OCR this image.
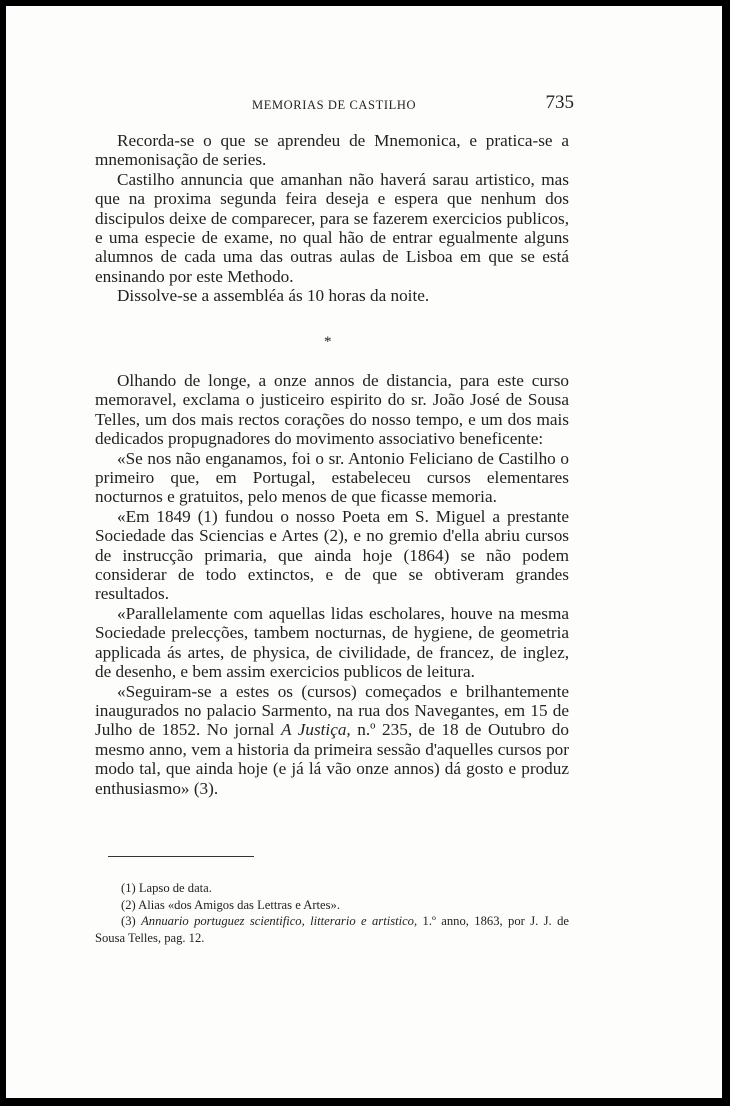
MEMORIAS DE CASTILHO	735

Recorda-se o que se aprendeu de Mnemonica, e pratica-se a mnemonisação de series.

Castilho annuncia que amanhan não haverá sarau artistico, mas que na proxima segunda feira deseja e espera que nenhum dos discipulos deixe de comparecer, para se fazerem exercicios publicos, e uma especie de exame, no qual hão de entrar egualmente alguns alumnos de cada uma das outras aulas de Lisboa em que se está ensinando por este Methodo.

Dissolve-se a assembléa ás 10 horas da noite.

*

Olhando de longe, a onze annos de distancia, para este curso memoravel, exclama o justiceiro espirito do sr. João José de Sousa Telles, um dos mais rectos corações do nosso tempo, e um dos mais dedicados propugnadores do movimento associativo beneficente:

«Se nos não enganamos, foi o sr. Antonio Feliciano de Castilho o primeiro que, em Portugal, estabeleceu cursos elementares nocturnos e gratuitos, pelo menos de que ficasse memoria.

«Em 1849 (1) fundou o nosso Poeta em S. Miguel a prestante Sociedade das Sciencias e Artes (2), e no gremio d'ella abriu cursos de instrucção primaria, que ainda hoje (1864) se não podem considerar de todo extinctos, e de que se obtiveram grandes resultados.

«Parallelamente com aquellas lidas escholares, houve na mesma Sociedade prelecções, tambem nocturnas, de hygiene, de geometria applicada ás artes, de physica, de civilidade, de francez, de inglez, de desenho, e bem assim exercicios publicos de leitura.

«Seguiram-se a estes os (cursos) começados e brilhantemente inaugurados no palacio Sarmento, na rua dos Navegantes, em 15 de Julho de 1852. No jornal A Justiça, n.º 235, de 18 de Outubro do mesmo anno, vem a historia da primeira sessão d'aquelles cursos por modo tal, que ainda hoje (e já lá vão onze annos) dá gosto e produz enthusiasmo» (3).

(1) Lapso de data.

(2) Alias «dos Amigos das Lettras e Artes».

(3) Annuario portuguez scientifico, litterario e artistico, 1.º anno, 1863, por J. J. de Sousa Telles, pag. 12.
